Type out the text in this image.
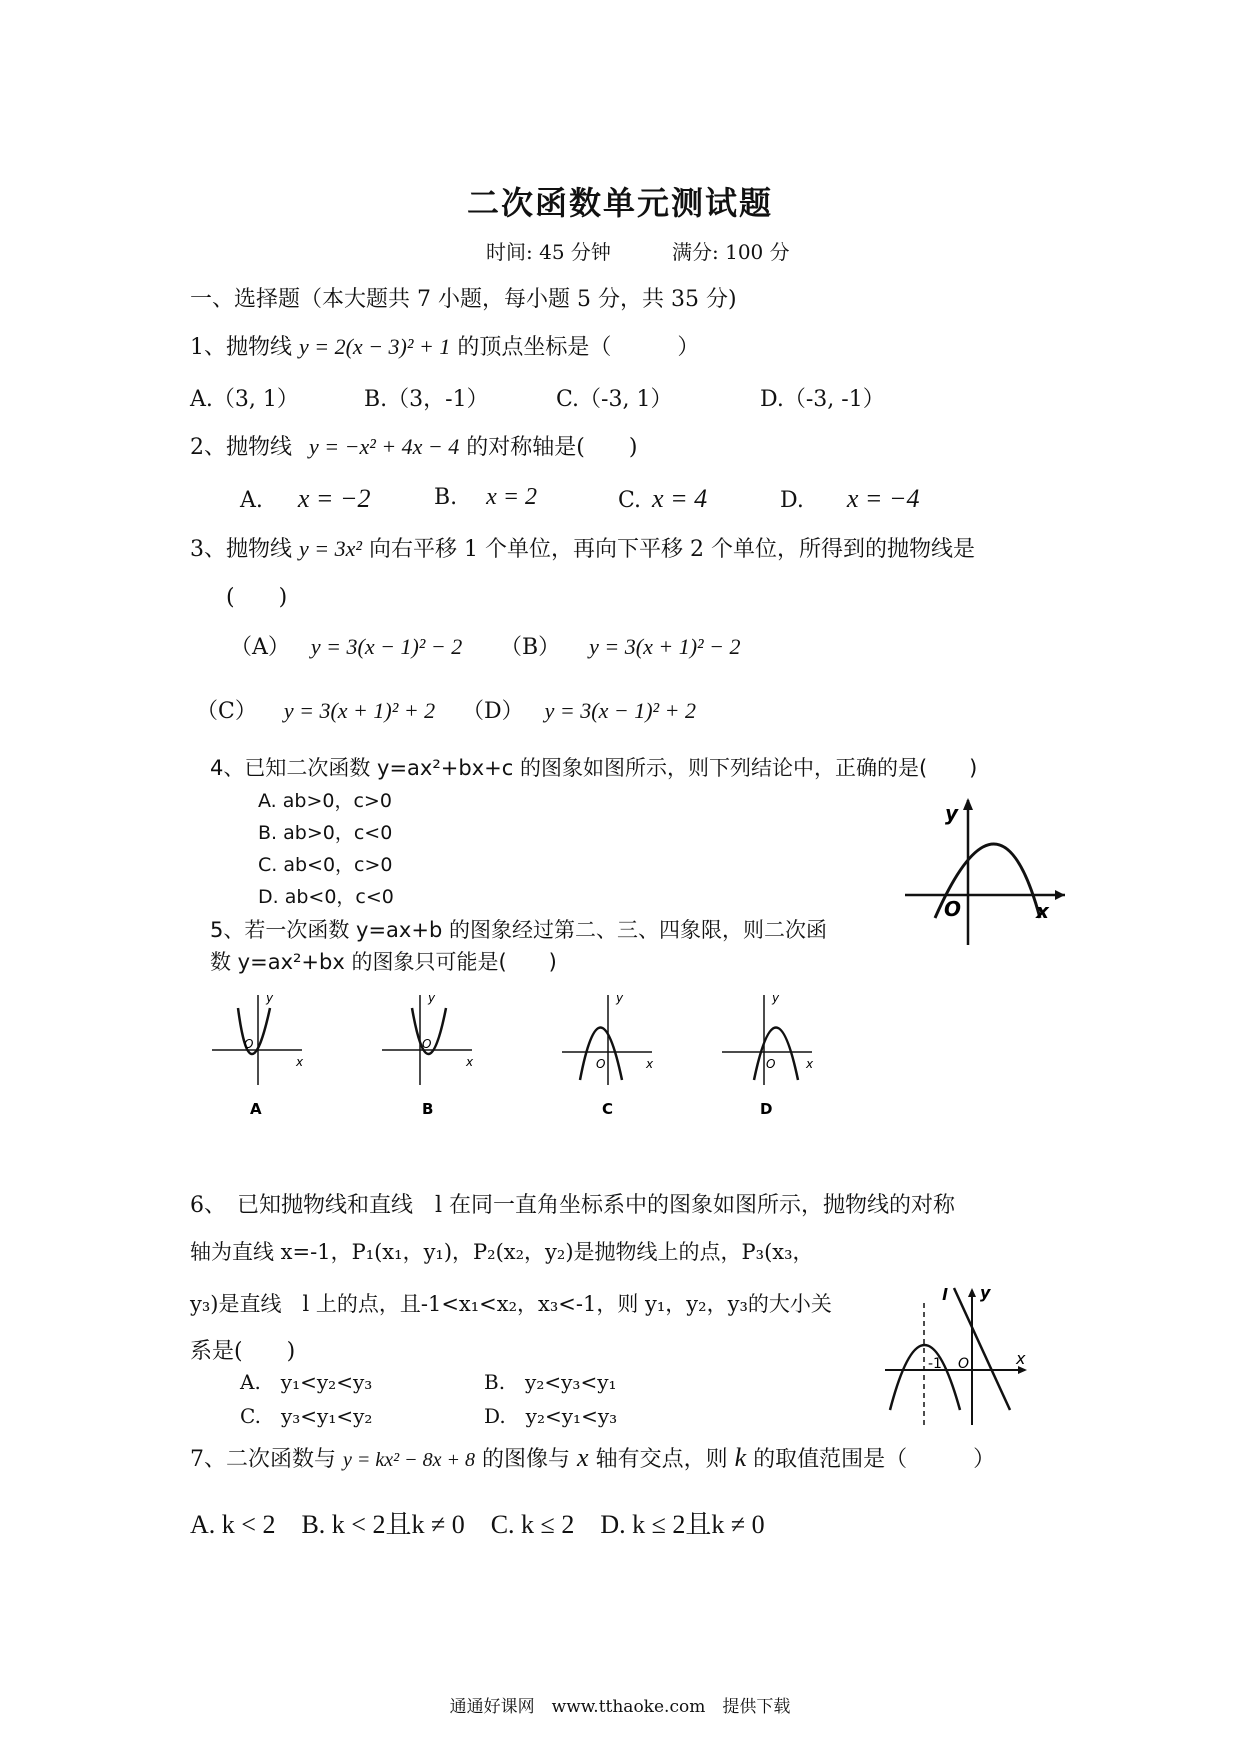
二次函数单元测试题
时间: 45 分钟	满分: 100 分
一、选择题（本大题共 7 小题，每小题 5 分，共 35 分)
1、抛物线 y = 2(x − 3)² + 1 的顶点坐标是（　　　）
A.（3, 1）	B.（3，-1）	C.（-3, 1）	D.（-3, -1）
2、抛物线 y = −x² + 4x − 4 的对称轴是(　　)
A. x = −2	B. x = 2	C. x = 4	D. x = −4
3、抛物线 y = 3x² 向右平移 1 个单位，再向下平移 2 个单位，所得到的抛物线是
(　　)
（A） y = 3(x − 1)² − 2 （B） y = 3(x + 1)² − 2
（C） y = 3(x + 1)² + 2 （D） y = 3(x − 1)² + 2
4、已知二次函数 y=ax²+bx+c 的图象如图所示，则下列结论中，正确的是(　　)
A. ab>0，c>0
B. ab>0，c<0
C. ab<0，c>0
D. ab<0，c<0
y
x
O
5、若一次函数 y=ax+b 的图象经过第二、三、四象限，则二次函
数 y=ax²+bx 的图象只可能是(　　)
y
x
O
A
y
x
O
B
y
x
O
C
y
x
O
D
6、　已知抛物线和直线　l 在同一直角坐标系中的图象如图所示，抛物线的对称
轴为直线 x=-1，P₁(x₁，y₁)，P₂(x₂，y₂)是抛物线上的点，P₃(x₃，
y₃)是直线　l 上的点，且-1<x₁<x₂，x₃<-1，则 y₁，y₂，y₃的大小关
系是(　　)
A.　y₁<y₂<y₃	B.　y₂<y₃<y₁
C.　y₃<y₁<y₂	D.　y₂<y₁<y₃
l y
x
-1 O
7、二次函数与 y = kx² − 8x + 8 的图像与 x 轴有交点，则 k 的取值范围是（　　　）
A. k < 2　B. k < 2且k ≠ 0　C. k ≤ 2　D. k ≤ 2且k ≠ 0
通通好课网　www.tthaoke.com　提供下载
